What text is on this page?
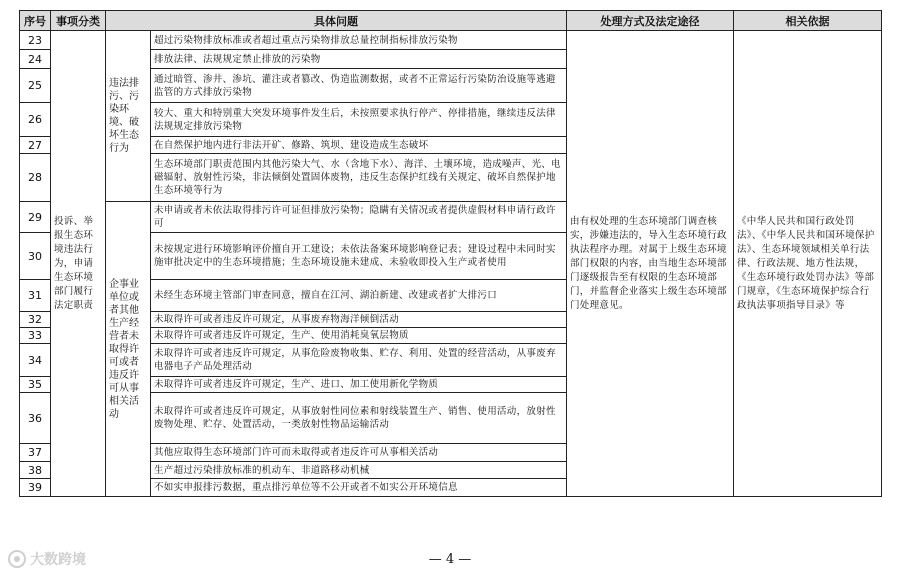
序号	事项分类	具体问题		处理方式及法定途径	相关依据
23	投诉、举报生态环境违法行为，申请生态环境部门履行法定职责	违法排污、污染环境、破坏生态行为	超过污染物排放标准或者超过重点污染物排放总量控制指标排放污染物	由有权处理的生态环境部门调查核实，涉嫌违法的，导入生态环境行政执法程序办理。对属于上级生态环境部门权限的内容，由当地生态环境部门逐级报告至有权限的生态环境部门，并监督企业落实上级生态环境部门处理意见。	《中华人民共和国行政处罚法》、《中华人民共和国环境保护法》、生态环境领域相关单行法律、行政法规、地方性法规，《生态环境行政处罚办法》等部门规章，《生态环境保护综合行政执法事项指导目录》等
24			排放法律、法规规定禁止排放的污染物		
25			通过暗管、渗井、渗坑、灌注或者篡改、伪造监测数据，或者不正常运行污染防治设施等逃避监管的方式排放污染物		
26			较大、重大和特别重大突发环境事件发生后，未按照要求执行停产、停排措施，继续违反法律法规规定排放污染物		
27			在自然保护地内进行非法开矿、修路、筑坝、建设造成生态破坏		
28			生态环境部门职责范围内其他污染大气、水（含地下水）、海洋、土壤环境，造成噪声、光、电磁辐射、放射性污染，非法倾倒处置固体废物，违反生态保护红线有关规定、破坏自然保护地生态环境等行为		
29		企事业单位或者其他生产经营者未取得许可或者违反许可从事相关活动	未申请或者未依法取得排污许可证但排放污染物；隐瞒有关情况或者提供虚假材料申请行政许可		
30			未按规定进行环境影响评价擅自开工建设；未依法备案环境影响登记表；建设过程中未同时实施审批决定中的生态环境措施；生态环境设施未建成、未验收即投入生产或者使用		
31			未经生态环境主管部门审查同意，擅自在江河、湖泊新建、改建或者扩大排污口		
32			未取得许可或者违反许可规定，从事废弃物海洋倾倒活动		
33			未取得许可或者违反许可规定，生产、使用消耗臭氧层物质		
34			未取得许可或者违反许可规定，从事危险废物收集、贮存、利用、处置的经营活动，从事废弃电器电子产品处理活动		
35			未取得许可或者违反许可规定，生产、进口、加工使用新化学物质		
36			未取得许可或者违反许可规定，从事放射性同位素和射线装置生产、销售、使用活动，放射性废物处理、贮存、处置活动，一类放射性物品运输活动		
37			其他应取得生态环境部门许可而未取得或者违反许可从事相关活动		
38			生产超过污染排放标准的机动车、非道路移动机械		
39			不如实申报排污数据，重点排污单位等不公开或者不如实公开环境信息		
大数跨境	— 4 —
